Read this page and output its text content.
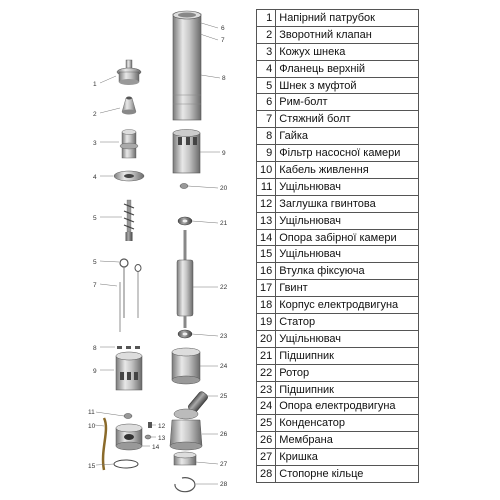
8
6
7
9
20
21
22
23
24
25
26
27
28
1
2
3
4
5
5
7
8
9
10
11
12
13
14
15
1	Напірний патрубок
2	Зворотний клапан
3	Кожух шнека
4	Фланець верхній
5	Шнек з муфтой
6	Рим-болт
7	Стяжний болт
8	Гайка
9	Фільтр насосної камери
10	Кабель живлення
11	Ущільнювач
12	Заглушка гвинтова
13	Ущільнювач
14	Опора забірної камери
15	Ущільнювач
16	Втулка фіксуюча
17	Гвинт
18	Корпус електродвигуна
19	Статор
20	Ущільнювач
21	Підшипник
22	Ротор
23	Підшипник
24	Опора електродвигуна
25	Конденсатор
26	Мембрана
27	Кришка
28	Стопорне кільце
